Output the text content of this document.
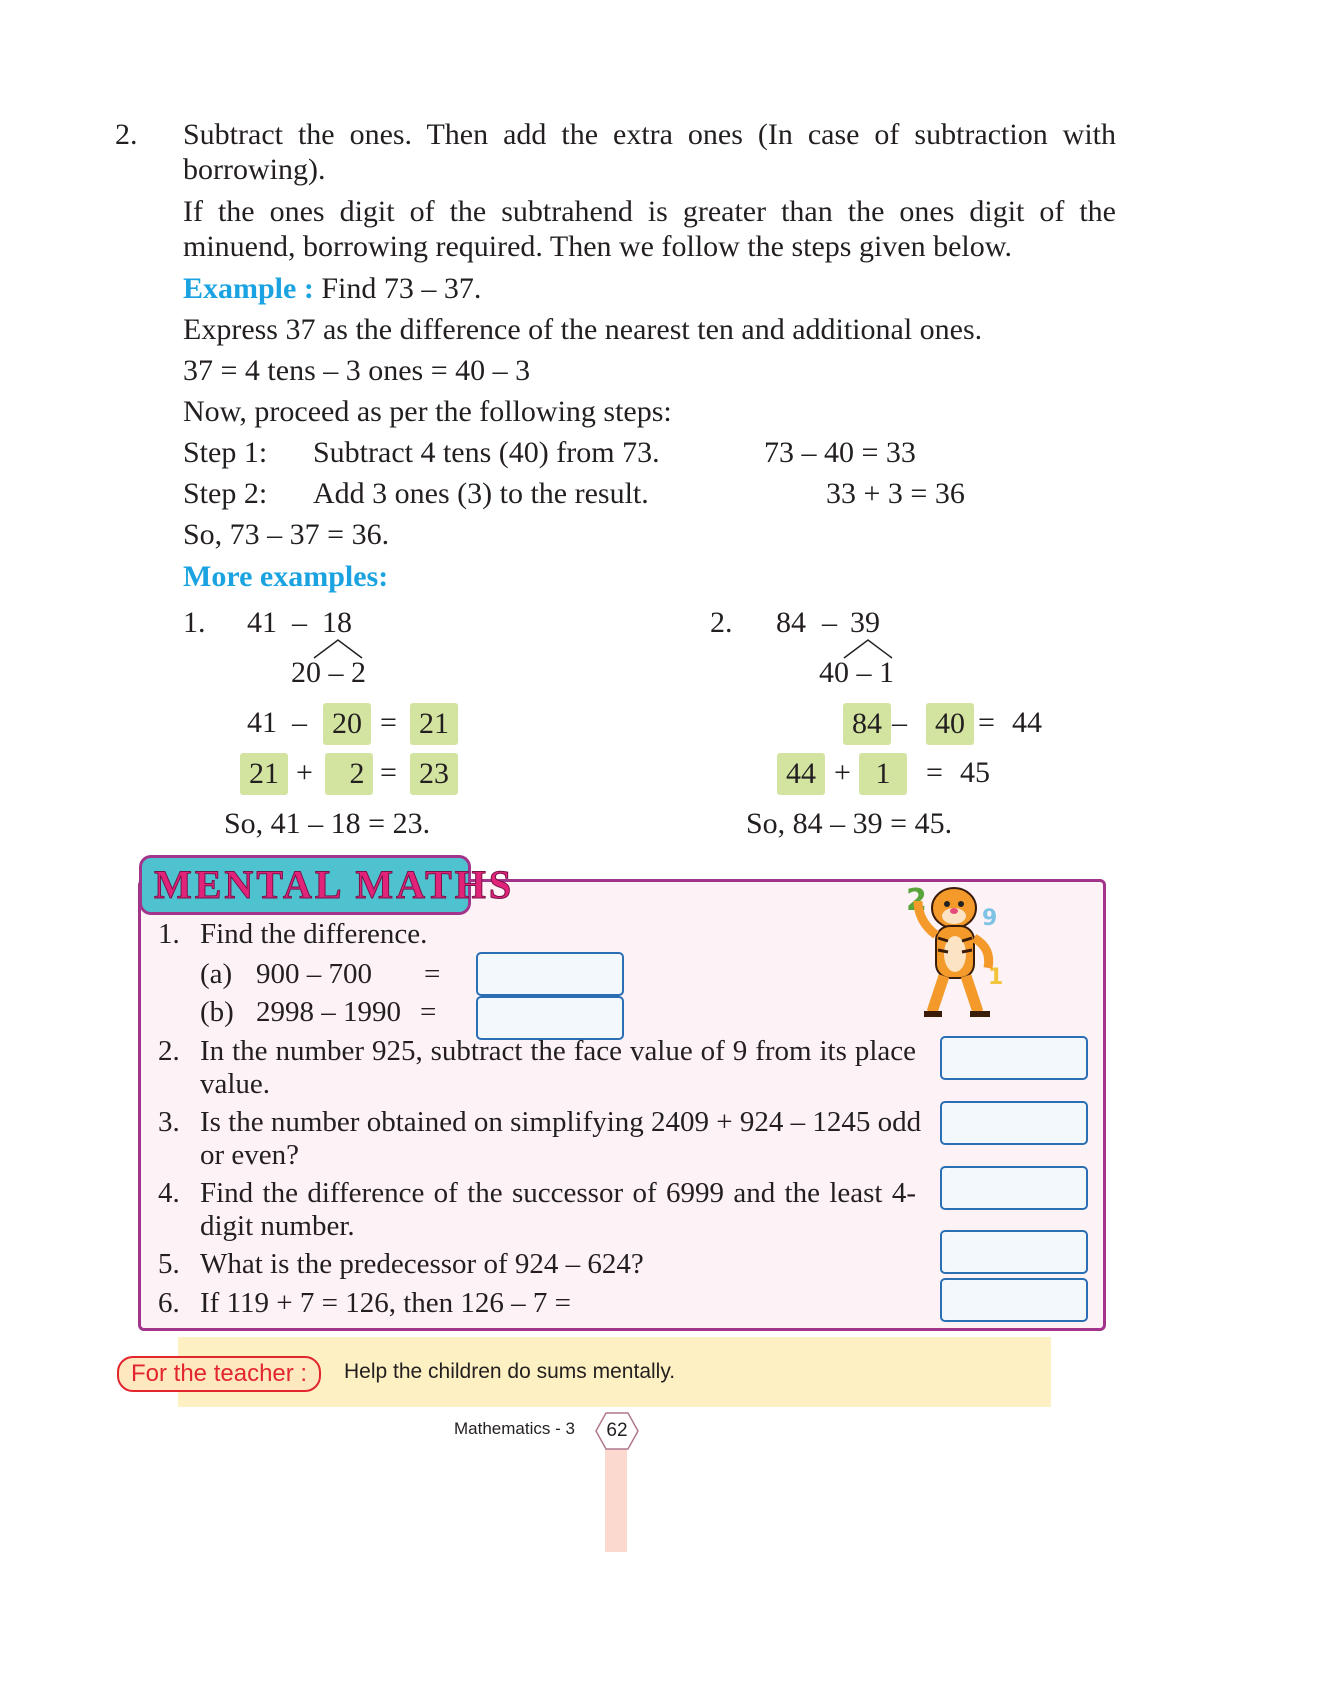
2. Subtract the ones. Then add the extra ones (In case of subtraction with
borrowing).
If the ones digit of the subtrahend is greater than the ones digit of the
minuend, borrowing required. Then we follow the steps given below.
Example : Find 73 – 37.
Express 37 as the difference of the nearest ten and additional ones.
37 = 4 tens – 3 ones = 40 – 3
Now, proceed as per the following steps:
Step 1: Subtract 4 tens (40) from 73.	73 – 40 = 33
Step 2: Add 3 ones (3) to the result.	33 + 3 = 36
So, 73 – 37 = 36.
More examples:
1. 41 – 18
20 – 2
41 – 20 = 21
21 +	2 = 23
So, 41 – 18 = 23.
2. 84 – 39
40 – 1
84 – 40 = 44
44 + 1	= 45
So, 84 – 39 = 45.
MENTAL MATHS	2
9
1
1. Find the difference.
(a) 900 – 700 =
(b) 2998 – 1990 =
2. In the number 925, subtract the face value of 9 from its place
value.
3. Is the number obtained on simplifying 2409 + 924 – 1245 odd
or even?
4. Find the difference of the successor of 6999 and the least 4-
digit number.
5. What is the predecessor of 924 – 624?
6. If 119 + 7 = 126, then 126 – 7 =
For the teacher :	Help the children do sums mentally.
Mathematics - 3	62
